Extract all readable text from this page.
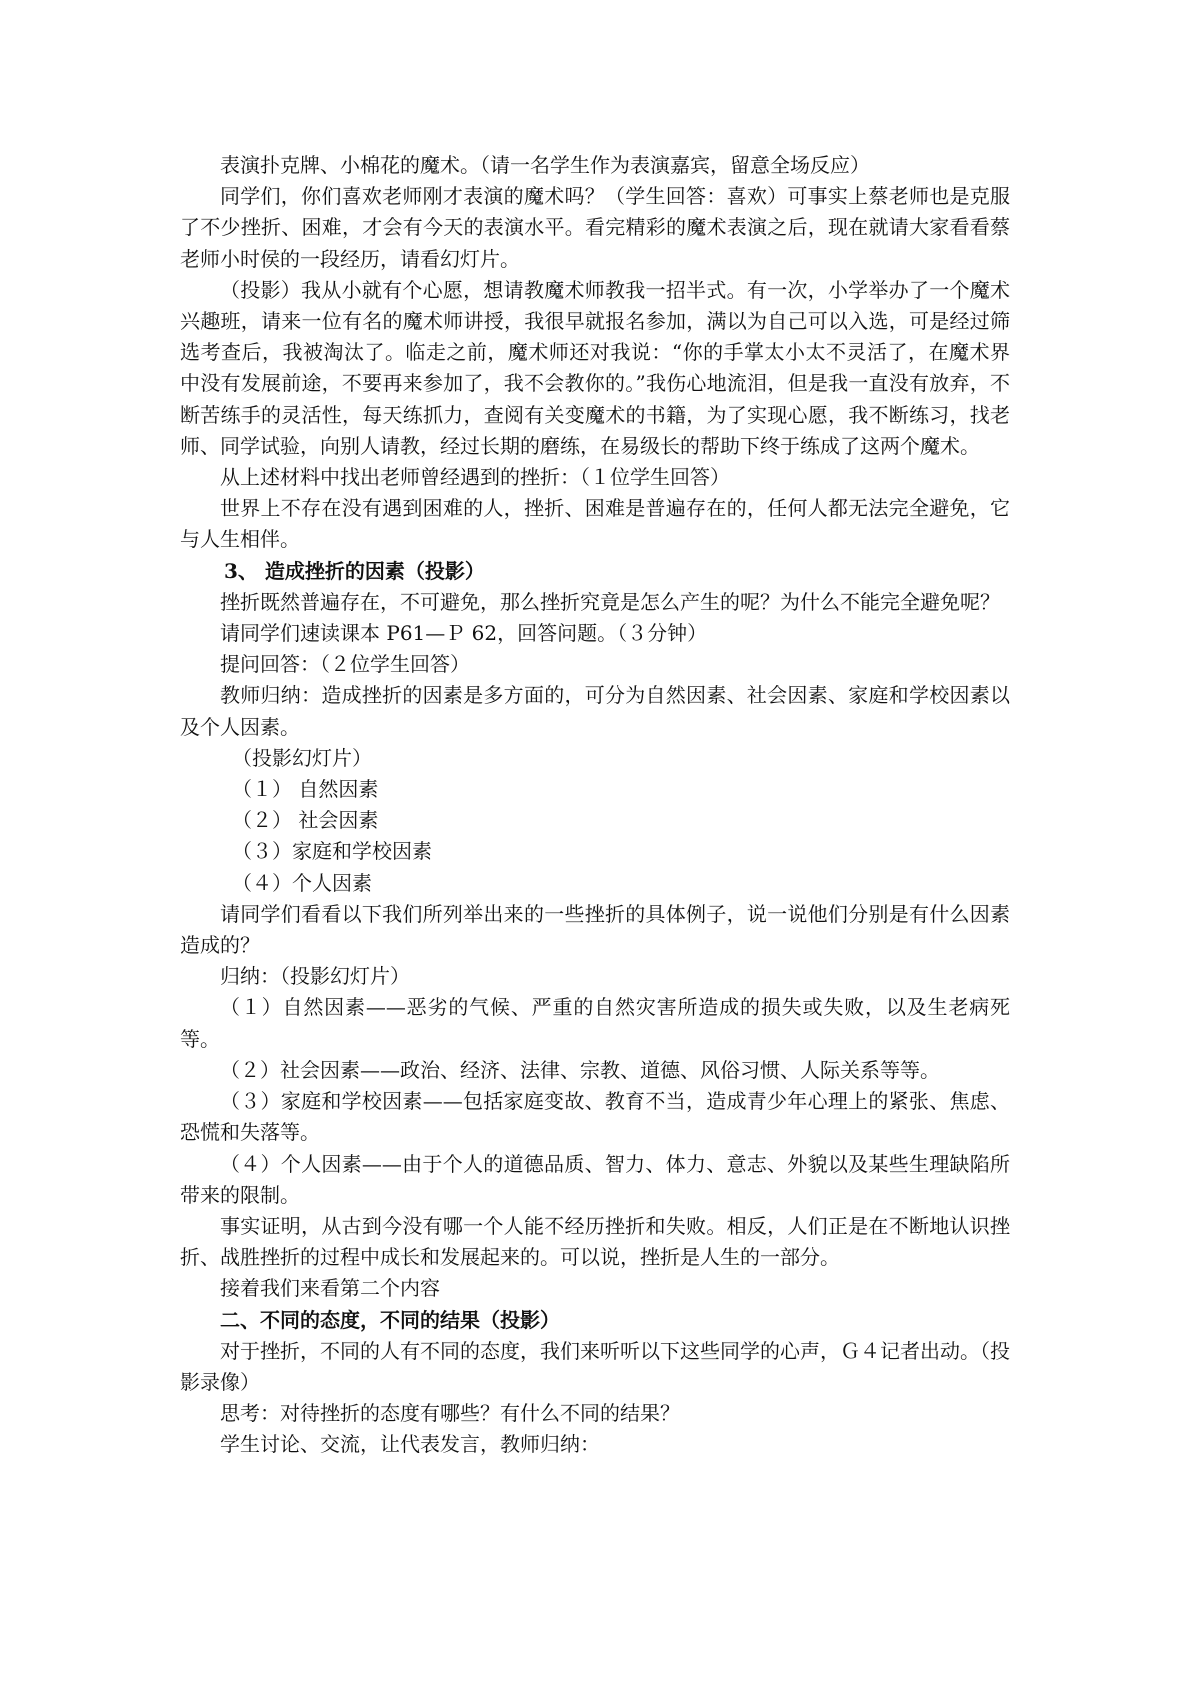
表演扑克牌、小棉花的魔术。（请一名学生作为表演嘉宾，留意全场反应）

同学们，你们喜欢老师刚才表演的魔术吗？（学生回答：喜欢）可事实上蔡老师也是克服了不少挫折、困难，才会有今天的表演水平。看完精彩的魔术表演之后，现在就请大家看看蔡老师小时侯的一段经历，请看幻灯片。

（投影）我从小就有个心愿，想请教魔术师教我一招半式。有一次，小学举办了一个魔术兴趣班，请来一位有名的魔术师讲授，我很早就报名参加，满以为自己可以入选，可是经过筛选考查后，我被淘汰了。临走之前，魔术师还对我说：“你的手掌太小太不灵活了，在魔术界中没有发展前途，不要再来参加了，我不会教你的。”我伤心地流泪，但是我一直没有放弃，不断苦练手的灵活性，每天练抓力，查阅有关变魔术的书籍，为了实现心愿，我不断练习，找老师、同学试验，向别人请教，经过长期的磨练，在易级长的帮助下终于练成了这两个魔术。

从上述材料中找出老师曾经遇到的挫折：（１位学生回答）

世界上不存在没有遇到困难的人，挫折、困难是普遍存在的，任何人都无法完全避免，它与人生相伴。

3、 造成挫折的因素（投影）

挫折既然普遍存在，不可避免，那么挫折究竟是怎么产生的呢？为什么不能完全避免呢？

请同学们速读课本 P61—Ｐ 62，回答问题。（３分钟）

提问回答：（２位学生回答）

教师归纳：造成挫折的因素是多方面的，可分为自然因素、社会因素、家庭和学校因素以及个人因素。

（投影幻灯片）

（１） 自然因素

（２） 社会因素

（３）家庭和学校因素

（４）个人因素

请同学们看看以下我们所列举出来的一些挫折的具体例子，说一说他们分别是有什么因素造成的？

归纳：（投影幻灯片）

（１）自然因素——恶劣的气候、严重的自然灾害所造成的损失或失败，以及生老病死等。

（２）社会因素——政治、经济、法律、宗教、道德、风俗习惯、人际关系等等。

（３）家庭和学校因素——包括家庭变故、教育不当，造成青少年心理上的紧张、焦虑、恐慌和失落等。

（４）个人因素——由于个人的道德品质、智力、体力、意志、外貌以及某些生理缺陷所带来的限制。

事实证明，从古到今没有哪一个人能不经历挫折和失败。相反，人们正是在不断地认识挫折、战胜挫折的过程中成长和发展起来的。可以说，挫折是人生的一部分。

接着我们来看第二个内容

二、不同的态度，不同的结果（投影）

对于挫折，不同的人有不同的态度，我们来听听以下这些同学的心声，Ｇ４记者出动。（投影录像）

思考：对待挫折的态度有哪些？有什么不同的结果？

学生讨论、交流，让代表发言，教师归纳：
